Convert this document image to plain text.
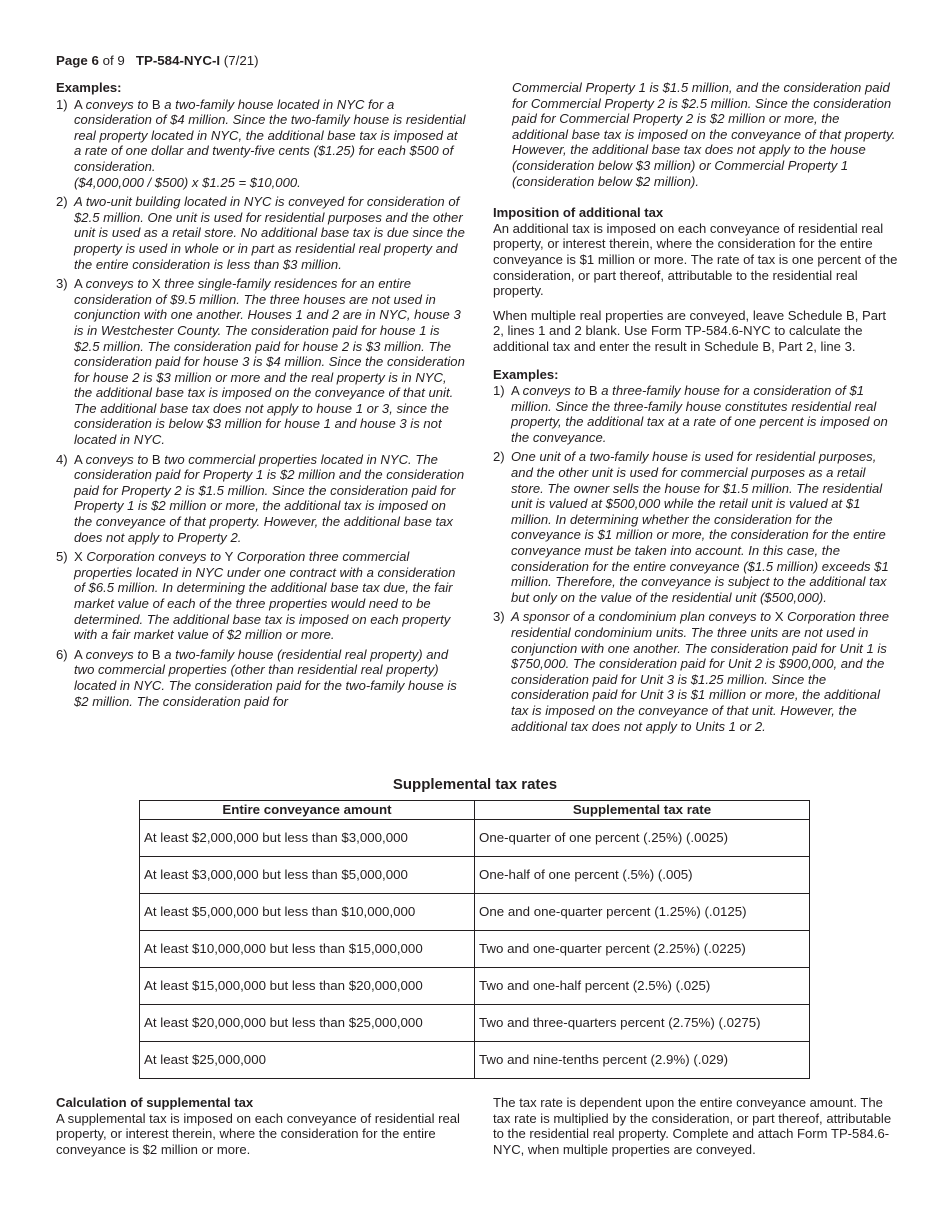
Page 6 of 9 TP-584-NYC-I (7/21)

Examples:

1) A conveys to B a two-family house located in NYC for a consideration of $4 million. Since the two-family house is residential real property located in NYC, the additional base tax is imposed at a rate of one dollar and twenty-five cents ($1.25) for each $500 of consideration.
($4,000,000 / $500) x $1.25 = $10,000.
2) A two-unit building located in NYC is conveyed for consideration of $2.5 million. One unit is used for residential purposes and the other unit is used as a retail store. No additional base tax is due since the property is used in whole or in part as residential real property and the entire consideration is less than $3 million.
3) A conveys to X three single-family residences for an entire consideration of $9.5 million. The three houses are not used in conjunction with one another. Houses 1 and 2 are in NYC, house 3 is in Westchester County. The consideration paid for house 1 is $2.5 million. The consideration paid for house 2 is $3 million. The consideration paid for house 3 is $4 million. Since the consideration for house 2 is $3 million or more and the real property is in NYC, the additional base tax is imposed on the conveyance of that unit. The additional base tax does not apply to house 1 or 3, since the consideration is below $3 million for house 1 and house 3 is not located in NYC.
4) A conveys to B two commercial properties located in NYC. The consideration paid for Property 1 is $2 million and the consideration paid for Property 2 is $1.5 million. Since the consideration paid for Property 1 is $2 million or more, the additional tax is imposed on the conveyance of that property. However, the additional base tax does not apply to Property 2.
5) X Corporation conveys to Y Corporation three commercial properties located in NYC under one contract with a consideration of $6.5 million. In determining the additional base tax due, the fair market value of each of the three properties would need to be determined. The additional base tax is imposed on each property with a fair market value of $2 million or more.
6) A conveys to B a two-family house (residential real property) and two commercial properties (other than residential real property) located in NYC. The consideration paid for the two-family house is $2 million. The consideration paid for

Commercial Property 1 is $1.5 million, and the consideration paid for Commercial Property 2 is $2.5 million. Since the consideration paid for Commercial Property 2 is $2 million or more, the additional base tax is imposed on the conveyance of that property. However, the additional base tax does not apply to the house (consideration below $3 million) or Commercial Property 1 (consideration below $2 million).

Imposition of additional tax

An additional tax is imposed on each conveyance of residential real property, or interest therein, where the consideration for the entire conveyance is $1 million or more. The rate of tax is one percent of the consideration, or part thereof, attributable to the residential real property.

When multiple real properties are conveyed, leave Schedule B, Part 2, lines 1 and 2 blank. Use Form TP-584.6-NYC to calculate the additional tax and enter the result in Schedule B, Part 2, line 3.

Examples:

1) A conveys to B a three-family house for a consideration of $1 million. Since the three-family house constitutes residential real property, the additional tax at a rate of one percent is imposed on the conveyance.
2) One unit of a two-family house is used for residential purposes, and the other unit is used for commercial purposes as a retail store. The owner sells the house for $1.5 million. The residential unit is valued at $500,000 while the retail unit is valued at $1 million. In determining whether the consideration for the conveyance is $1 million or more, the consideration for the entire conveyance must be taken into account. In this case, the consideration for the entire conveyance ($1.5 million) exceeds $1 million. Therefore, the conveyance is subject to the additional tax but only on the value of the residential unit ($500,000).
3) A sponsor of a condominium plan conveys to X Corporation three residential condominium units. The three units are not used in conjunction with one another. The consideration paid for Unit 1 is $750,000. The consideration paid for Unit 2 is $900,000, and the consideration paid for Unit 3 is $1.25 million. Since the consideration paid for Unit 3 is $1 million or more, the additional tax is imposed on the conveyance of that unit. However, the additional tax does not apply to Units 1 or 2.
Supplemental tax rates
Entire conveyance amount	Supplemental tax rate
At least $2,000,000 but less than $3,000,000	One-quarter of one percent (.25%) (.0025)
At least $3,000,000 but less than $5,000,000	One-half of one percent (.5%) (.005)
At least $5,000,000 but less than $10,000,000	One and one-quarter percent (1.25%) (.0125)
At least $10,000,000 but less than $15,000,000	Two and one-quarter percent (2.25%) (.0225)
At least $15,000,000 but less than $20,000,000	Two and one-half percent (2.5%) (.025)
At least $20,000,000 but less than $25,000,000	Two and three-quarters percent (2.75%) (.0275)
At least $25,000,000	Two and nine-tenths percent (2.9%) (.029)

Calculation of supplemental tax

A supplemental tax is imposed on each conveyance of residential real property, or interest therein, where the consideration for the entire conveyance is $2 million or more.

The tax rate is dependent upon the entire conveyance amount. The tax rate is multiplied by the consideration, or part thereof, attributable to the residential real property. Complete and attach Form TP-584.6-NYC, when multiple properties are conveyed.
